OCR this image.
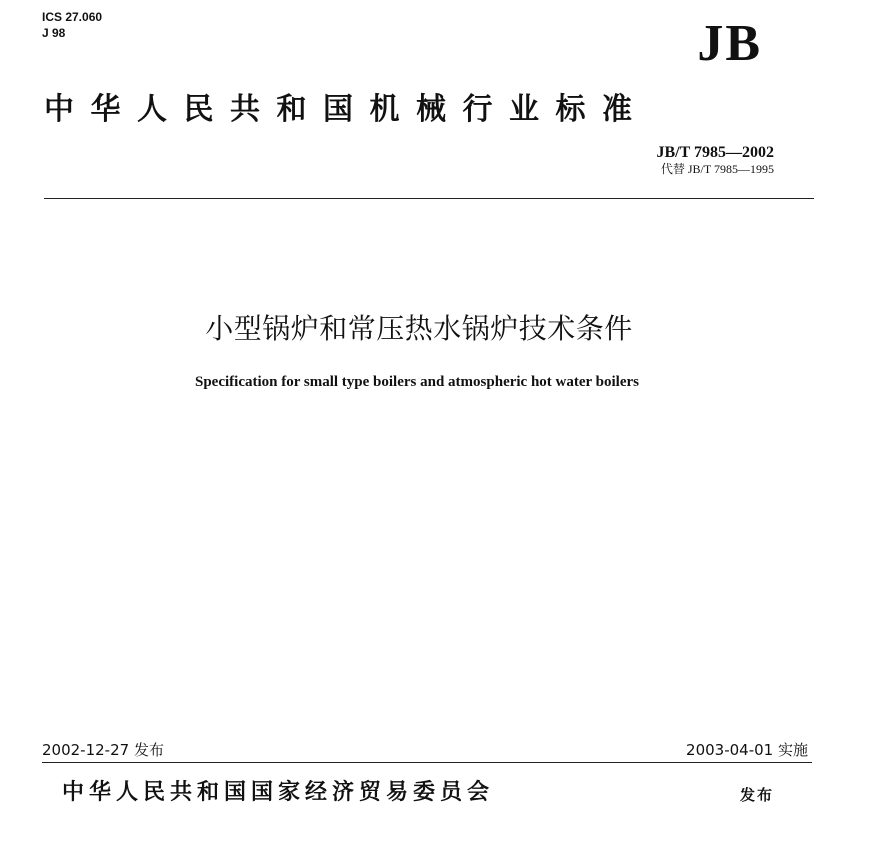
ICS 27.060
J 98	JB
中华人民共和国机械行业标准
JB/T 7985—2002
代替 JB/T 7985—1995
小型锅炉和常压热水锅炉技术条件
Specification for small type boilers and atmospheric hot water boilers
2002-12-27 发布	2003-04-01 实施
中华人民共和国国家经济贸易委员会	发布
